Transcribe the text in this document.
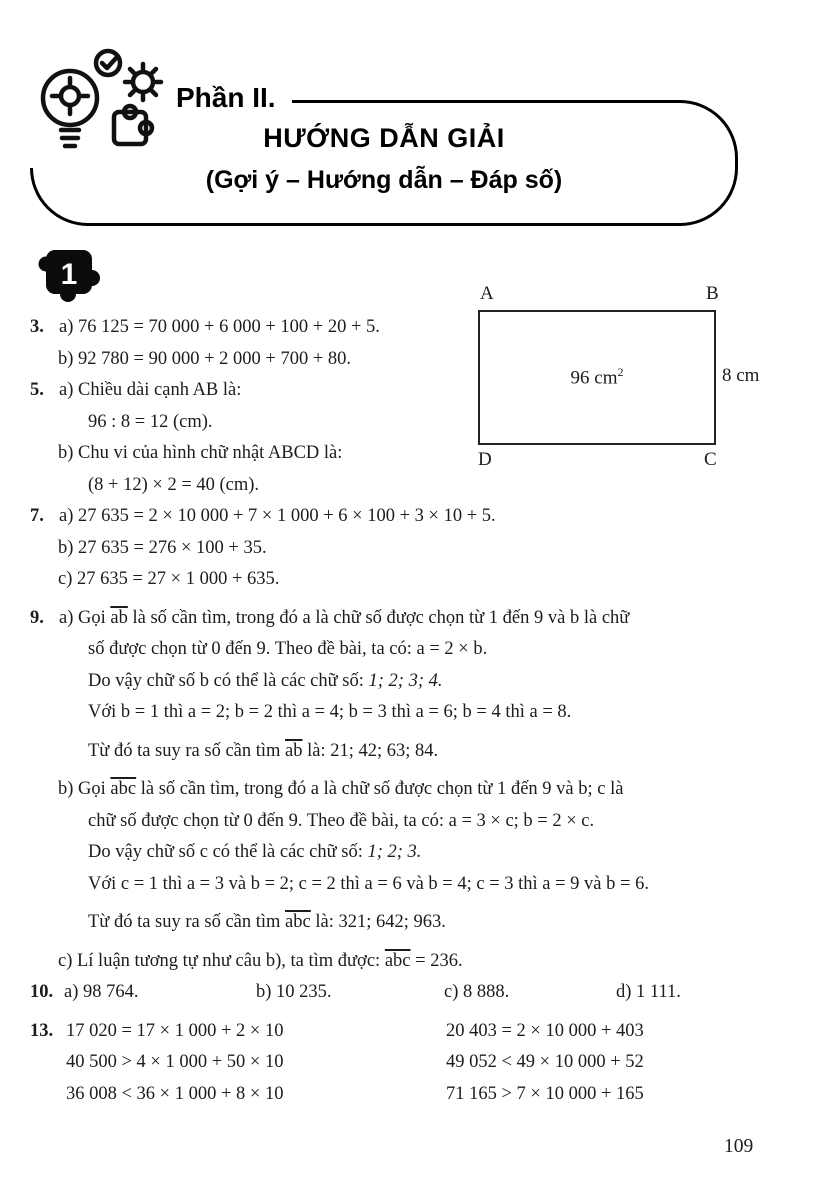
Phần II.
HƯỚNG DẪN GIẢI
(Gợi ý – Hướng dẫn – Đáp số)
1
A	B
96 $cm^2$	8 cm
D	C
3. a) 76 125 = 70 000 + 6 000 + 100 + 20 + 5.
b) 92 780 = 90 000 + 2 000 + 700 + 80.
5. a) Chiều dài cạnh AB là:
96 : 8 = 12 (cm).
b) Chu vi của hình chữ nhật ABCD là:
(8 + 12) × 2 = 40 (cm).
7. a) 27 635 = 2 × 10 000 + 7 × 1 000 + 6 × 100 + 3 × 10 + 5.
b) 27 635 = 276 × 100 + 35.
c) 27 635 = 27 × 1 000 + 635.
9. a) Gọi $\overline{ab}$ là số cần tìm, trong đó a là chữ số được chọn từ 1 đến 9 và b là chữ
số được chọn từ 0 đến 9. Theo đề bài, ta có: a = 2 × b.
Do vậy chữ số b có thể là các chữ số: 1; 2; 3; 4.
Với b = 1 thì a = 2; b = 2 thì a = 4; b = 3 thì a = 6; b = 4 thì a = 8.
Từ đó ta suy ra số cần tìm $\overline{ab}$ là: 21; 42; 63; 84.
b) Gọi $\overline{abc}$ là số cần tìm, trong đó a là chữ số được chọn từ 1 đến 9 và b; c là
chữ số được chọn từ 0 đến 9. Theo đề bài, ta có: a = 3 × c; b = 2 × c.
Do vậy chữ số c có thể là các chữ số: 1; 2; 3.
Với c = 1 thì a = 3 và b = 2; c = 2 thì a = 6 và b = 4; c = 3 thì a = 9 và b = 6.
Từ đó ta suy ra số cần tìm $\overline{abc}$ là: 321; 642; 963.
c) Lí luận tương tự như câu b), ta tìm được: $\overline{abc} = 236$.
10. a) 98 764.	b) 10 235.	c) 8 888.	d) 1 111.
13. 17 020 = 17 × 1 000 + 2 × 10	20 403 = 2 × 10 000 + 403
40 500 > 4 × 1 000 + 50 × 10	49 052 < 49 × 10 000 + 52
36 008 < 36 × 1 000 + 8 × 10	71 165 > 7 × 10 000 + 165
109
